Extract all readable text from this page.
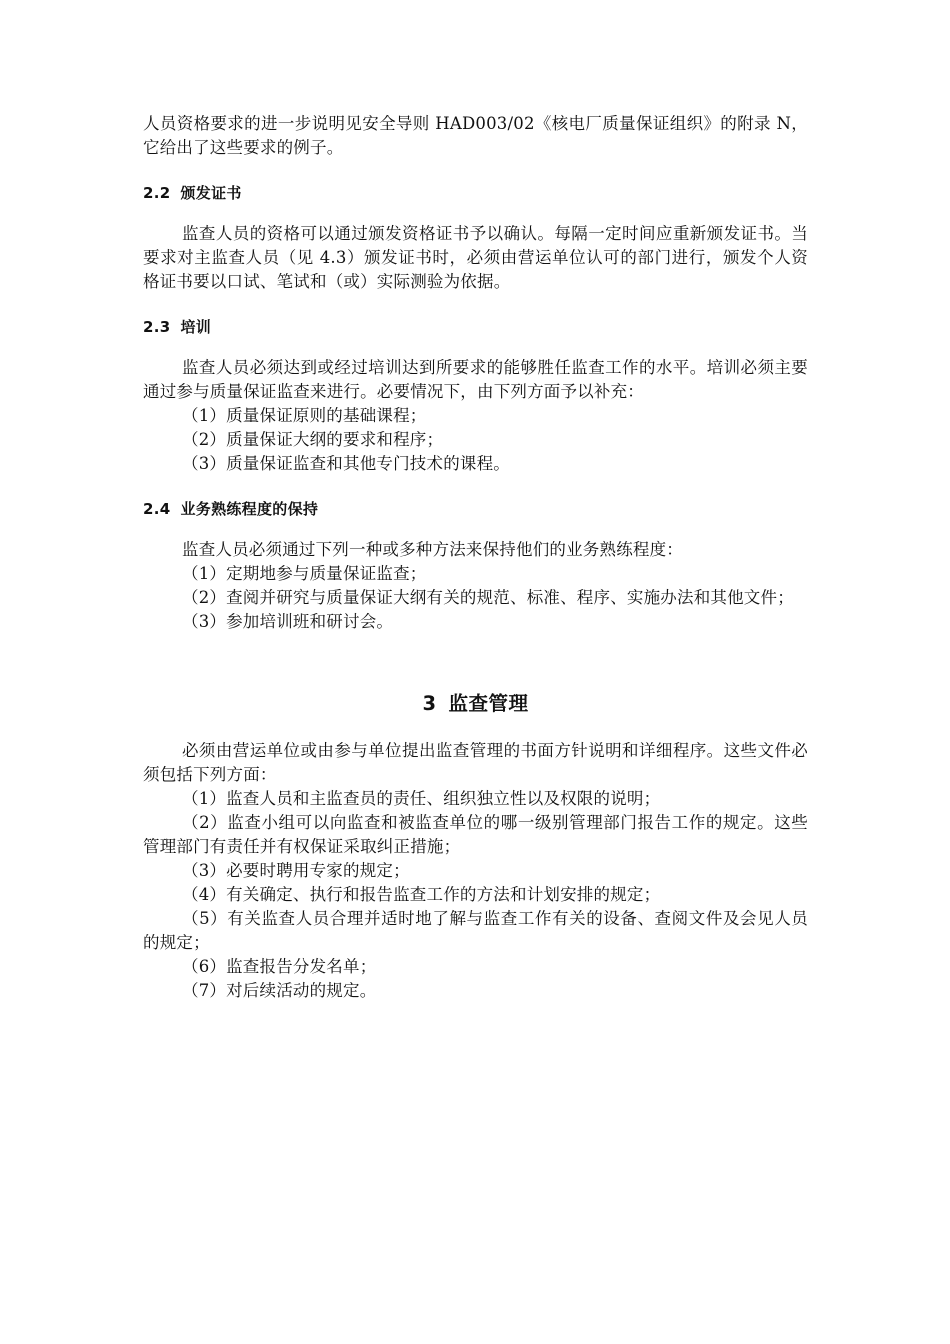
人员资格要求的进一步说明见安全导则 HAD003/02《核电厂质量保证组织》的附录 N，它给出了这些要求的例子。

2.2 颁发证书

监查人员的资格可以通过颁发资格证书予以确认。每隔一定时间应重新颁发证书。当要求对主监查人员（见 4.3）颁发证书时，必须由营运单位认可的部门进行，颁发个人资格证书要以口试、笔试和（或）实际测验为依据。

2.3 培训

监查人员必须达到或经过培训达到所要求的能够胜任监查工作的水平。培训必须主要通过参与质量保证监查来进行。必要情况下，由下列方面予以补充：

（1）质量保证原则的基础课程；

（2）质量保证大纲的要求和程序；

（3）质量保证监查和其他专门技术的课程。

2.4 业务熟练程度的保持

监查人员必须通过下列一种或多种方法来保持他们的业务熟练程度：

（1）定期地参与质量保证监查；

（2）查阅并研究与质量保证大纲有关的规范、标准、程序、实施办法和其他文件；

（3）参加培训班和研讨会。

3 监查管理

必须由营运单位或由参与单位提出监查管理的书面方针说明和详细程序。这些文件必须包括下列方面：

（1）监查人员和主监查员的责任、组织独立性以及权限的说明；

（2）监查小组可以向监查和被监查单位的哪一级别管理部门报告工作的规定。这些管理部门有责任并有权保证采取纠正措施；

（3）必要时聘用专家的规定；

（4）有关确定、执行和报告监查工作的方法和计划安排的规定；

（5）有关监查人员合理并适时地了解与监查工作有关的设备、查阅文件及会见人员的规定；

（6）监查报告分发名单；

（7）对后续活动的规定。
